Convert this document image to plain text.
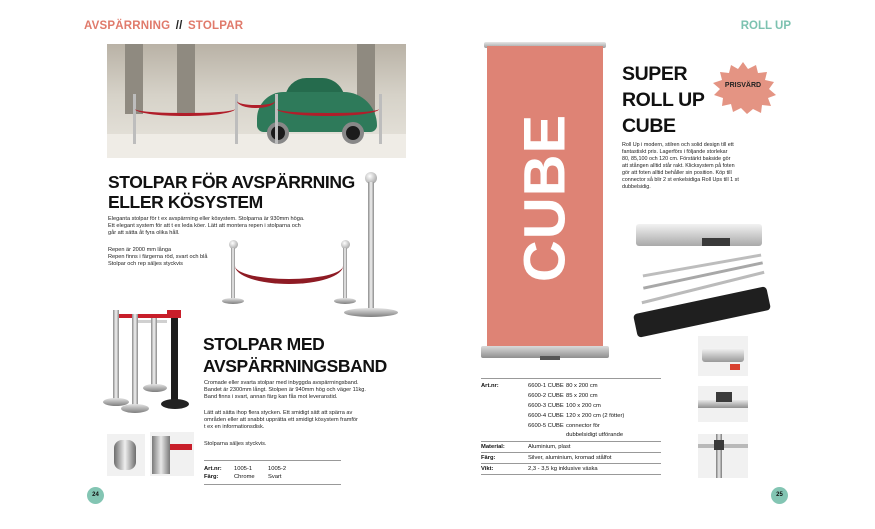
AVSPÄRRNING // STOLPAR	ROLL UP
STOLPAR FÖR AVSPÄRRNING
ELLER KÖSYSTEM
Eleganta stolpar för t ex avspärrning eller kösystem. Stolparna är 930mm höga.
Ett elegant system för att t ex leda köer. Lätt att montera repen i stolparna och
går att sätta åt fyra olika håll.
Repen är 2000 mm långa
Repen finns i färgerna röd, svart och blå
Stolpar och rep säljes styckvis
STOLPAR MED
AVSPÄRRNINGSBAND
Cromade eller svarta stolpar med inbyggda avspärrningsband.
Bandet är 2300mm långt. Stolpen är 940mm hög och väger 11kg.
Band finns i svart, annan färg kan fås mot leveranstid.
Lätt att sätta ihop flera stycken. Ett smidigt sätt att spärra av
områden eller att snabbt upprätta ett smidigt kösystem framför
t ex en informationsdisk.
Stolparna säljes styckvis.
Art.nr:	1005-1	1005-2
Färg:	Chrome	Svart
24
CUBE
SUPER
ROLL UP
CUBE
PRISVÄRD
Roll Up i modern, stilren och solid design till ett
fantastiskt pris. Lagerförs i följande storlekar
80, 85,100 och 120 cm. Förstärkt bakside gör
att stången alltid står rakt. Klicksystem på foten
gör att foten alltid behåller sin position. Köp till
connector så blir 2 st enkelsidiga Roll Ups till 1 st
dubbelsidig.
Art.nr:	6600-1 CUBE 80 x 200 cm
6600-2 CUBE 85 x 200 cm
6600-3 CUBE 100 x 200 cm
6600-4 CUBE 120 x 200 cm (2 fötter)
6600-5 CUBE connector för
dubbelsidigt utförande
Material:	Aluminium, plast
Färg:	Silver, aluminium, kromad stålfot
Vikt:	2,3 - 3,5 kg inklusive väska
25
